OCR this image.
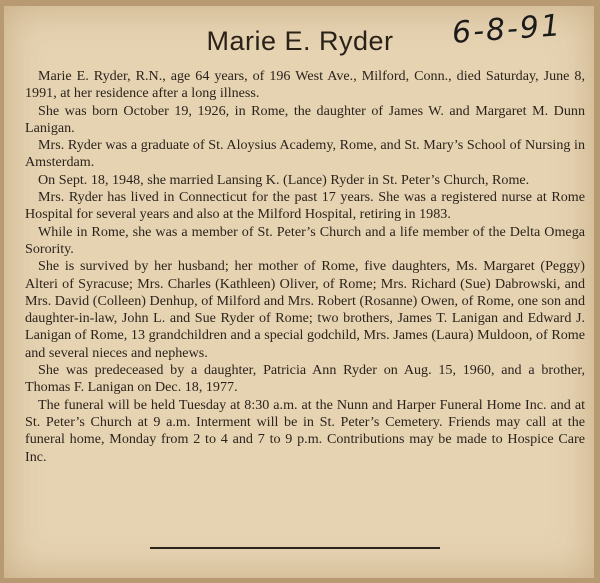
6-8-91
Marie E. Ryder

Marie E. Ryder, R.N., age 64 years, of 196 West Ave., Milford, Conn., died Saturday, June 8, 1991, at her residence after a long illness.

She was born October 19, 1926, in Rome, the daughter of James W. and Margaret M. Dunn Lanigan.

Mrs. Ryder was a graduate of St. Aloysius Academy, Rome, and St. Mary’s School of Nursing in Amsterdam.

On Sept. 18, 1948, she married Lansing K. (Lance) Ryder in St. Peter’s Church, Rome.

Mrs. Ryder has lived in Connecticut for the past 17 years. She was a registered nurse at Rome Hospital for several years and also at the Milford Hospital, retiring in 1983.

While in Rome, she was a member of St. Peter’s Church and a life member of the Delta Omega Sorority.

She is survived by her husband; her mother of Rome, five daughters, Ms. Margaret (Peggy) Alteri of Syracuse; Mrs. Charles (Kathleen) Oliver, of Rome; Mrs. Richard (Sue) Dabrowski, and Mrs. David (Colleen) Denhup, of Milford and Mrs. Robert (Rosanne) Owen, of Rome, one son and daughter-in-law, John L. and Sue Ryder of Rome; two brothers, James T. Lanigan and Edward J. Lanigan of Rome, 13 grandchildren and a special godchild, Mrs. James (Laura) Muldoon, of Rome and several nieces and nephews.

She was predeceased by a daughter, Patricia Ann Ryder on Aug. 15, 1960, and a brother, Thomas F. Lanigan on Dec. 18, 1977.

The funeral will be held Tuesday at 8:30 a.m. at the Nunn and Harper Funeral Home Inc. and at St. Peter’s Church at 9 a.m. Interment will be in St. Peter’s Cemetery. Friends may call at the funeral home, Monday from 2 to 4 and 7 to 9 p.m. Contributions may be made to Hospice Care Inc.
